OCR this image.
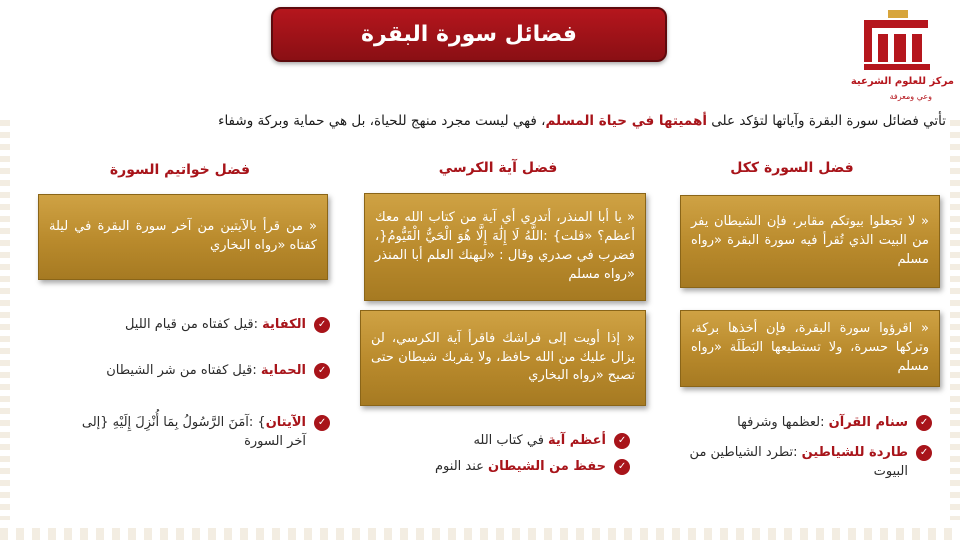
فضائل سورة البقرة
مركز للعلوم الشرعية
وعي ومعرفة
تأتي فضائل سورة البقرة وآياتها لتؤكد على أهميتها في حياة المسلم، فهي ليست مجرد منهج للحياة، بل هي حماية وبركة وشفاء
فضل السورة ككل
« لا تجعلوا بيوتكم مقابر، فإن الشيطان يفر من البيت الذي تُقرأ فيه سورة البقرة «رواه مسلم
« اقرؤوا سورة البقرة، فإن أخذها بركة، وتركها حسرة، ولا تستطيعها البَطَلَة «رواه مسلم
✓
سنام القرآن :لعظمها وشرفها
✓
طاردة للشياطين :تطرد الشياطين من البيوت
فضل آية الكرسي
« يا أبا المنذر، أتدري أي آية من كتاب الله معك أعظم؟ «قلت} :اللَّهُ لَا إِلَٰهَ إِلَّا هُوَ الْحَيُّ الْقَيُّومُ{، فضرب في صدري وقال : «ليهنك العلم أبا المنذر «رواه مسلم
« إذا أويت إلى فراشك فاقرأ آية الكرسي، لن يزال عليك من الله حافظ، ولا يقربك شيطان حتى تصبح «رواه البخاري
✓
أعظم آية في كتاب الله
✓
حفظ من الشيطان عند النوم
فضل خواتيم السورة
« من قرأ بالآيتين من آخر سورة البقرة في ليلة كفتاه «رواه البخاري
✓
الكفاية :قيل كفتاه من قيام الليل
✓
الحماية :قيل كفتاه من شر الشيطان
✓
الآيتان} :آمَنَ الرَّسُولُ بِمَا أُنْزِلَ إِلَيْهِ {إلى آخر السورة
